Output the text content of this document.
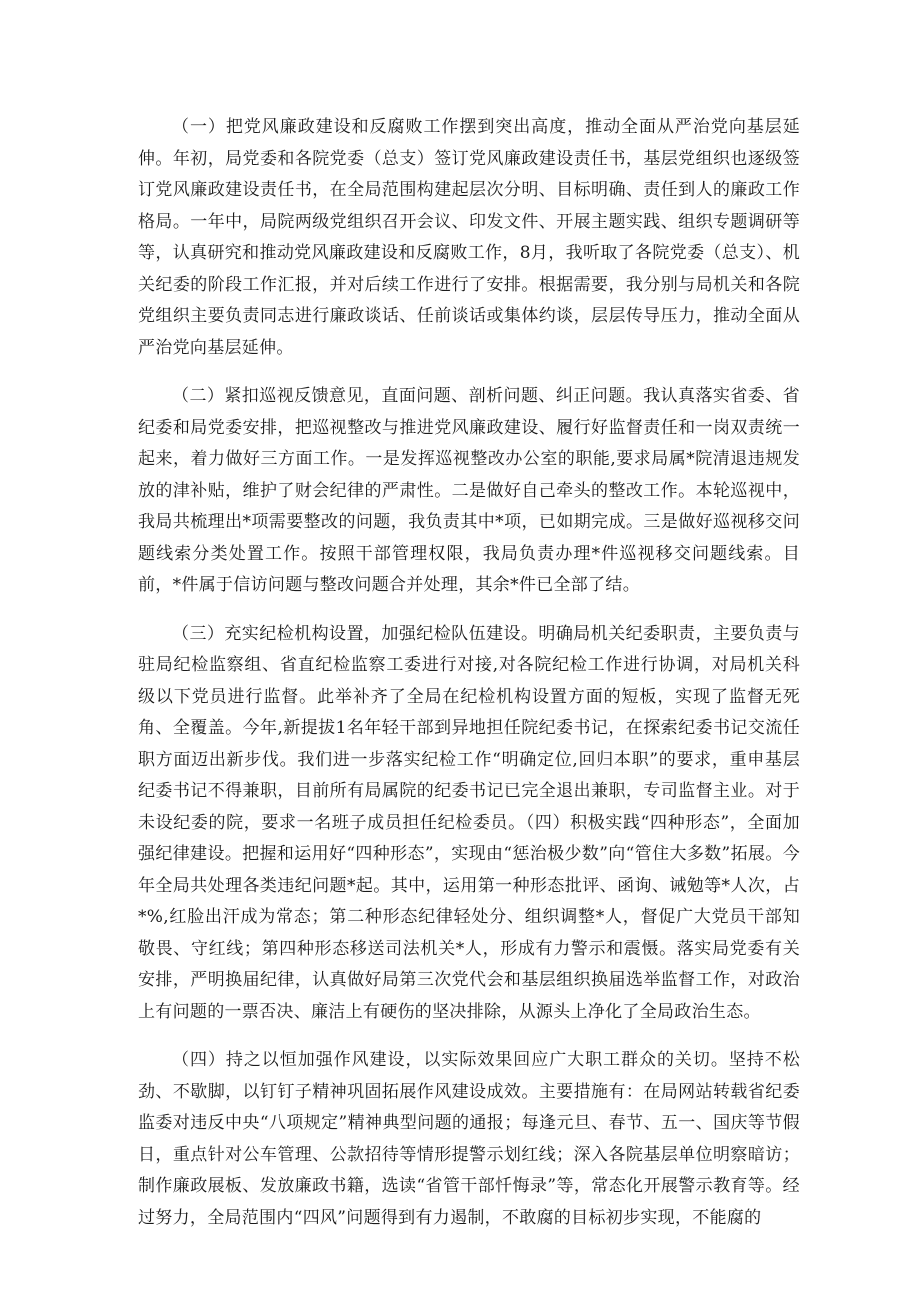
（一）把党风廉政建设和反腐败工作摆到突出高度，推动全面从严治党向基层延伸。年初，局党委和各院党委（总支）签订党风廉政建设责任书，基层党组织也逐级签订党风廉政建设责任书，在全局范围构建起层次分明、目标明确、责任到人的廉政工作格局。一年中，局院两级党组织召开会议、印发文件、开展主题实践、组织专题调研等等，认真研究和推动党风廉政建设和反腐败工作，8月，我听取了各院党委（总支）、机关纪委的阶段工作汇报，并对后续工作进行了安排。根据需要，我分别与局机关和各院党组织主要负责同志进行廉政谈话、任前谈话或集体约谈，层层传导压力，推动全面从严治党向基层延伸。

（二）紧扣巡视反馈意见，直面问题、剖析问题、纠正问题。我认真落实省委、省纪委和局党委安排，把巡视整改与推进党风廉政建设、履行好监督责任和一岗双责统一起来，着力做好三方面工作。一是发挥巡视整改办公室的职能,要求局属*院清退违规发放的津补贴，维护了财会纪律的严肃性。二是做好自己牵头的整改工作。本轮巡视中，我局共梳理出*项需要整改的问题，我负责其中*项，已如期完成。三是做好巡视移交问题线索分类处置工作。按照干部管理权限，我局负责办理*件巡视移交问题线索。目前，*件属于信访问题与整改问题合并处理，其余*件已全部了结。

（三）充实纪检机构设置，加强纪检队伍建设。明确局机关纪委职责，主要负责与驻局纪检监察组、省直纪检监察工委进行对接,对各院纪检工作进行协调，对局机关科级以下党员进行监督。此举补齐了全局在纪检机构设置方面的短板，实现了监督无死角、全覆盖。今年,新提拔1名年轻干部到异地担任院纪委书记，在探索纪委书记交流任职方面迈出新步伐。我们进一步落实纪检工作“明确定位,回归本职”的要求，重申基层纪委书记不得兼职，目前所有局属院的纪委书记已完全退出兼职，专司监督主业。对于未设纪委的院，要求一名班子成员担任纪检委员。（四）积极实践“四种形态”，全面加强纪律建设。把握和运用好“四种形态”，实现由“惩治极少数”向“管住大多数”拓展。今年全局共处理各类违纪问题*起。其中，运用第一种形态批评、函询、诫勉等*人次，占*%,红脸出汗成为常态；第二种形态纪律轻处分、组织调整*人，督促广大党员干部知敬畏、守红线；第四种形态移送司法机关*人，形成有力警示和震慑。落实局党委有关安排，严明换届纪律，认真做好局第三次党代会和基层组织换届选举监督工作，对政治上有问题的一票否决、廉洁上有硬伤的坚决排除，从源头上净化了全局政治生态。

（四）持之以恒加强作风建设，以实际效果回应广大职工群众的关切。坚持不松劲、不歇脚，以钉钉子精神巩固拓展作风建设成效。主要措施有：在局网站转载省纪委监委对违反中央“八项规定”精神典型问题的通报；每逢元旦、春节、五一、国庆等节假日，重点针对公车管理、公款招待等情形提警示划红线；深入各院基层单位明察暗访；制作廉政展板、发放廉政书籍，选读“省管干部忏悔录”等，常态化开展警示教育等。经过努力，全局范围内“四风”问题得到有力遏制，不敢腐的目标初步实现，不能腐的
